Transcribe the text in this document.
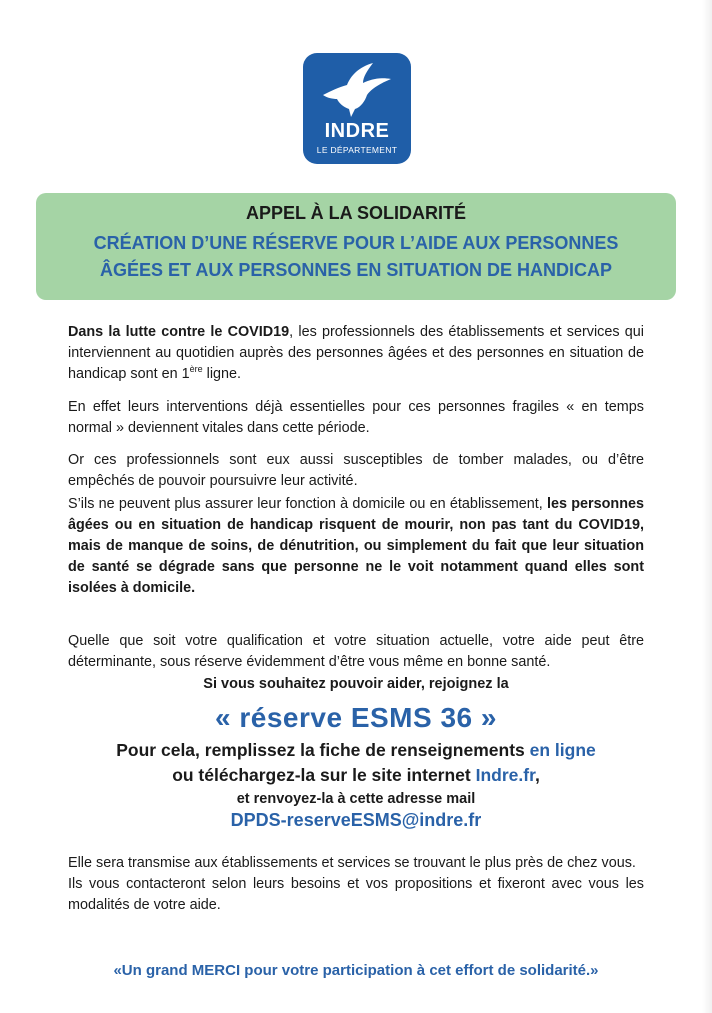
INDRE
LE DÉPARTEMENT
APPEL À LA SOLIDARITÉ
CRÉATION D’UNE RÉSERVE POUR L’AIDE AUX PERSONNES
ÂGÉES ET AUX PERSONNES EN SITUATION DE HANDICAP
Dans la lutte contre le COVID19, les professionnels des établissements et services qui interviennent au quotidien auprès des personnes âgées et des personnes en situation de handicap sont en 1ère ligne.
En effet leurs interventions déjà essentielles pour ces personnes fragiles « en temps normal » deviennent vitales dans cette période.
Or ces professionnels sont eux aussi susceptibles de tomber malades, ou d’être empêchés de pouvoir poursuivre leur activité.
S’ils ne peuvent plus assurer leur fonction à domicile ou en établissement, les personnes âgées ou en situation de handicap risquent de mourir, non pas tant du COVID19, mais de manque de soins, de dénutrition, ou simplement du fait que leur situation de santé se dégrade sans que personne ne le voit notamment quand elles sont isolées à domicile.
Quelle que soit votre qualification et votre situation actuelle, votre aide peut être déterminante, sous réserve évidemment d’être vous même en bonne santé.
Si vous souhaitez pouvoir aider, rejoignez la
« réserve ESMS 36 »
Pour cela, remplissez la fiche de renseignements en ligne
ou téléchargez-la sur le site internet Indre.fr,
et renvoyez-la à cette adresse mail
DPDS-reserveESMS@indre.fr
Elle sera transmise aux établissements et services se trouvant le plus près de chez vous.
Ils vous contacteront selon leurs besoins et vos propositions et fixeront avec vous les modalités de votre aide.
«Un grand MERCI pour votre participation à cet effort de solidarité.»
